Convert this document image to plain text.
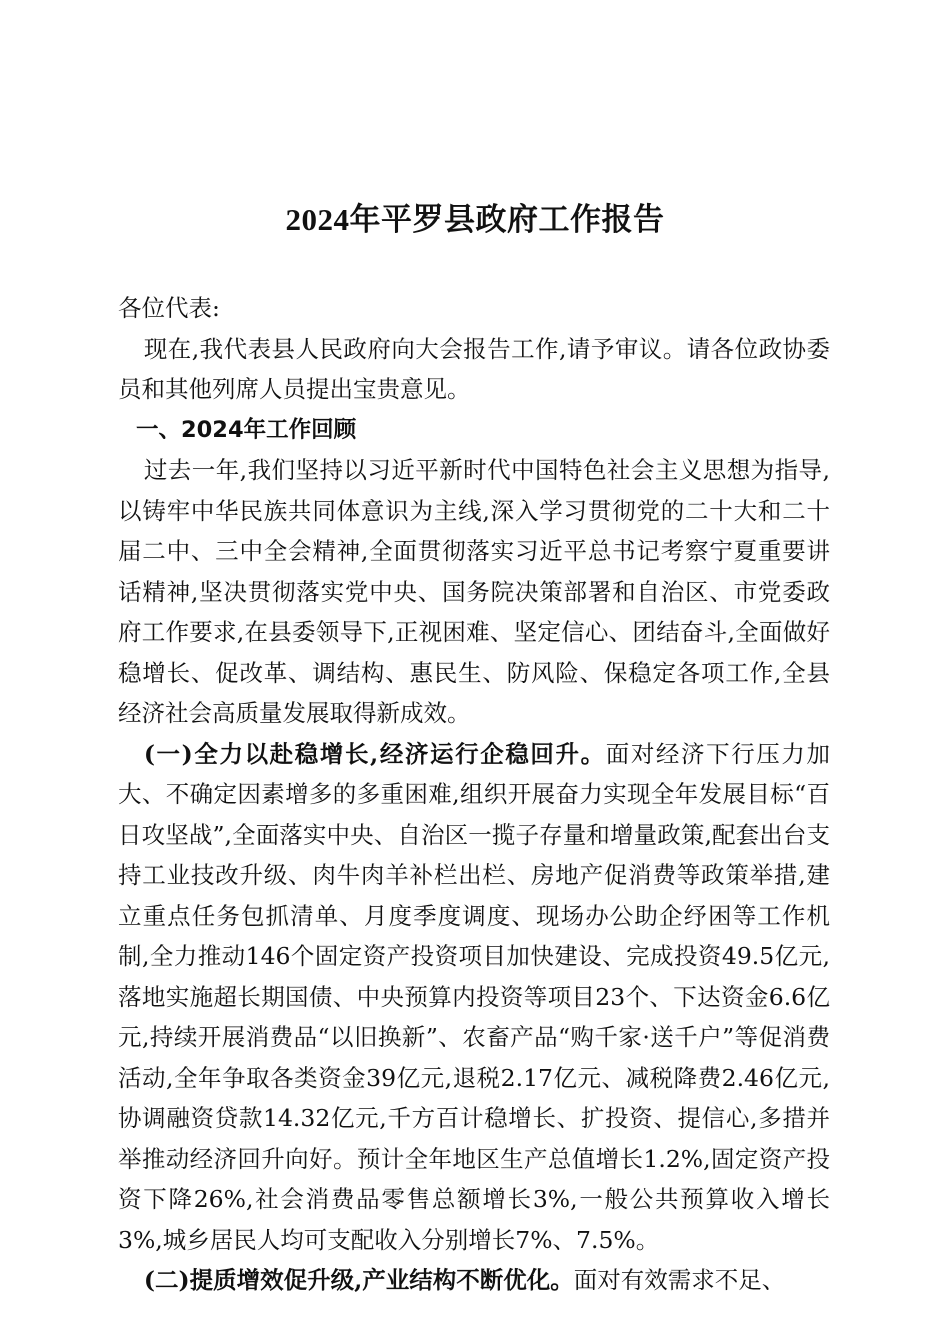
2024年平罗县政府工作报告

各位代表:

现在,我代表县人民政府向大会报告工作,请予审议。请各位政协委员和其他列席人员提出宝贵意见。

一、2024年工作回顾

过去一年,我们坚持以习近平新时代中国特色社会主义思想为指导,以铸牢中华民族共同体意识为主线,深入学习贯彻党的二十大和二十届二中、三中全会精神,全面贯彻落实习近平总书记考察宁夏重要讲话精神,坚决贯彻落实党中央、国务院决策部署和自治区、市党委政府工作要求,在县委领导下,正视困难、坚定信心、团结奋斗,全面做好稳增长、促改革、调结构、惠民生、防风险、保稳定各项工作,全县经济社会高质量发展取得新成效。

(一)全力以赴稳增长,经济运行企稳回升。面对经济下行压力加大、不确定因素增多的多重困难,组织开展奋力实现全年发展目标“百日攻坚战”,全面落实中央、自治区一揽子存量和增量政策,配套出台支持工业技改升级、肉牛肉羊补栏出栏、房地产促消费等政策举措,建立重点任务包抓清单、月度季度调度、现场办公助企纾困等工作机制,全力推动146个固定资产投资项目加快建设、完成投资49.5亿元,落地实施超长期国债、中央预算内投资等项目23个、下达资金6.6亿元,持续开展消费品“以旧换新”、农畜产品“购千家·送千户”等促消费活动,全年争取各类资金39亿元,退税2.17亿元、减税降费2.46亿元,协调融资贷款14.32亿元,千方百计稳增长、扩投资、提信心,多措并举推动经济回升向好。预计全年地区生产总值增长1.2%,固定资产投资下降26%,社会消费品零售总额增长3%,一般公共预算收入增长3%,城乡居民人均可支配收入分别增长7%、7.5%。

(二)提质增效促升级,产业结构不断优化。面对有效需求不足、
